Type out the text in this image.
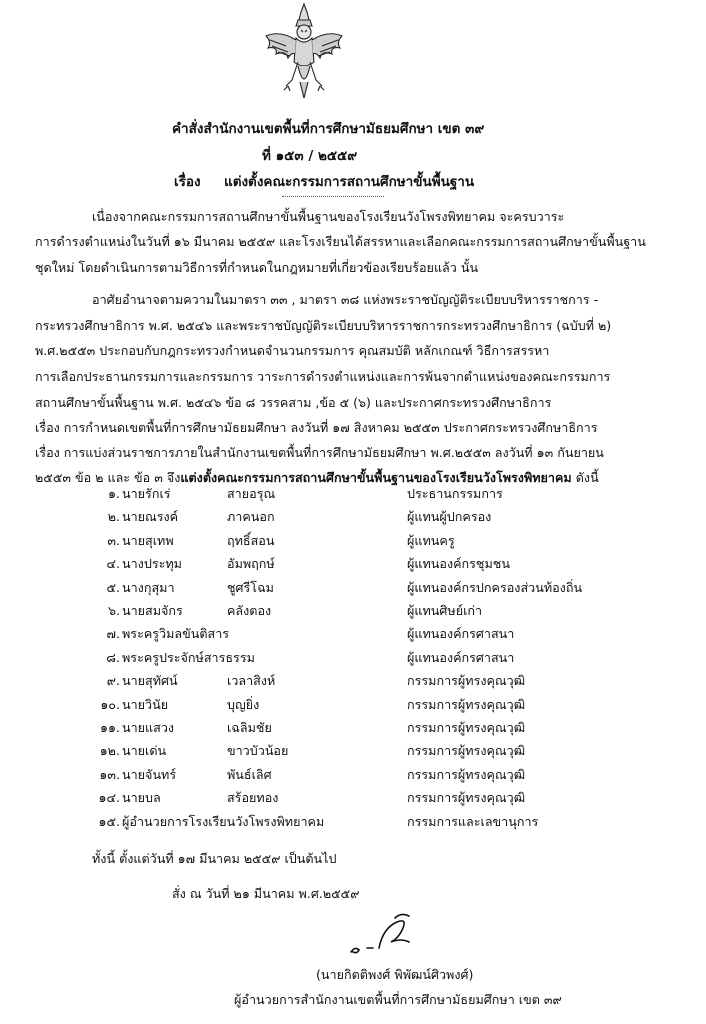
คำสั่งสำนักงานเขตพื้นที่การศึกษามัธยมศึกษา เขต ๓๙
ที่ ๑๕๓ / ๒๕๕๙
เรื่อง แต่งตั้งคณะกรรมการสถานศึกษาขั้นพื้นฐาน
เนื่องจากคณะกรรมการสถานศึกษาขั้นพื้นฐานของโรงเรียนวังโพรงพิทยาคม จะครบวาระ
การดำรงตำแหน่งในวันที่ ๑๖ มีนาคม ๒๕๕๙ และโรงเรียนได้สรรหาและเลือกคณะกรรมการสถานศึกษาขั้นพื้นฐาน
ชุดใหม่ โดยดำเนินการตามวิธีการที่กำหนดในกฎหมายที่เกี่ยวข้องเรียบร้อยแล้ว นั้น
อาศัยอำนาจตามความในมาตรา ๓๓ , มาตรา ๓๘ แห่งพระราชบัญญัติระเบียบบริหารราชการ -
กระทรวงศึกษาธิการ พ.ศ. ๒๕๔๖ และพระราชบัญญัติระเบียบบริหารราชการกระทรวงศึกษาธิการ (ฉบับที่ ๒)
พ.ศ.๒๕๕๓ ประกอบกับกฎกระทรวงกำหนดจำนวนกรรมการ คุณสมบัติ หลักเกณฑ์ วิธีการสรรหา
การเลือกประธานกรรมการและกรรมการ วาระการดำรงตำแหน่งและการพ้นจากตำแหน่งของคณะกรรมการ
สถานศึกษาขั้นพื้นฐาน พ.ศ. ๒๕๔๖ ข้อ ๘ วรรคสาม ,ข้อ ๕ (๖) และประกาศกระทรวงศึกษาธิการ
เรื่อง การกำหนดเขตพื้นที่การศึกษามัธยมศึกษา ลงวันที่ ๑๗ สิงหาคม ๒๕๕๓ ประกาศกระทรวงศึกษาธิการ
เรื่อง การแบ่งส่วนราชการภายในสำนักงานเขตพื้นที่การศึกษามัธยมศึกษา พ.ศ.๒๕๕๓ ลงวันที่ ๑๓ กันยายน
๒๕๕๓ ข้อ ๒ และ ข้อ ๓ จึงแต่งตั้งคณะกรรมการสถานศึกษาขั้นพื้นฐานของโรงเรียนวังโพรงพิทยาคม ดังนี้
๑. นายรักเร่	สายอรุณ	ประธานกรรมการ
๒. นายณรงค์	ภาคนอก	ผู้แทนผู้ปกครอง
๓. นายสุเทพ	ฤทธิ์สอน	ผู้แทนครู
๔. นางประทุม	อัมพฤกษ์	ผู้แทนองค์กรชุมชน
๕. นางกุสุมา	ชูศรีโฉม	ผู้แทนองค์กรปกครองส่วนท้องถิ่น
๖. นายสมจักร	คลังตอง	ผู้แทนศิษย์เก่า
๗. พระครูวิมลขันติสาร	ผู้แทนองค์กรศาสนา
๘. พระครูประจักษ์สารธรรม	ผู้แทนองค์กรศาสนา
๙. นายสุทัศน์	เวลาสิงห์	กรรมการผู้ทรงคุณวุฒิ
๑๐. นายวินัย	บุญยิ่ง	กรรมการผู้ทรงคุณวุฒิ
๑๑. นายแสวง	เฉลิมชัย	กรรมการผู้ทรงคุณวุฒิ
๑๒. นายเด่น	ขาวบัวน้อย	กรรมการผู้ทรงคุณวุฒิ
๑๓. นายจันทร์	พันธ์เลิศ	กรรมการผู้ทรงคุณวุฒิ
๑๔. นายบล	สร้อยทอง	กรรมการผู้ทรงคุณวุฒิ
๑๕. ผู้อำนวยการโรงเรียนวังโพรงพิทยาคม	กรรมการและเลขานุการ
ทั้งนี้ ตั้งแต่วันที่ ๑๗ มีนาคม ๒๕๕๙ เป็นต้นไป
สั่ง ณ วันที่ ๒๑ มีนาคม พ.ศ.๒๕๕๙
(นายกิตติพงศ์ พิพัฒน์ศิวพงศ์)
ผู้อำนวยการสำนักงานเขตพื้นที่การศึกษามัธยมศึกษา เขต ๓๙
